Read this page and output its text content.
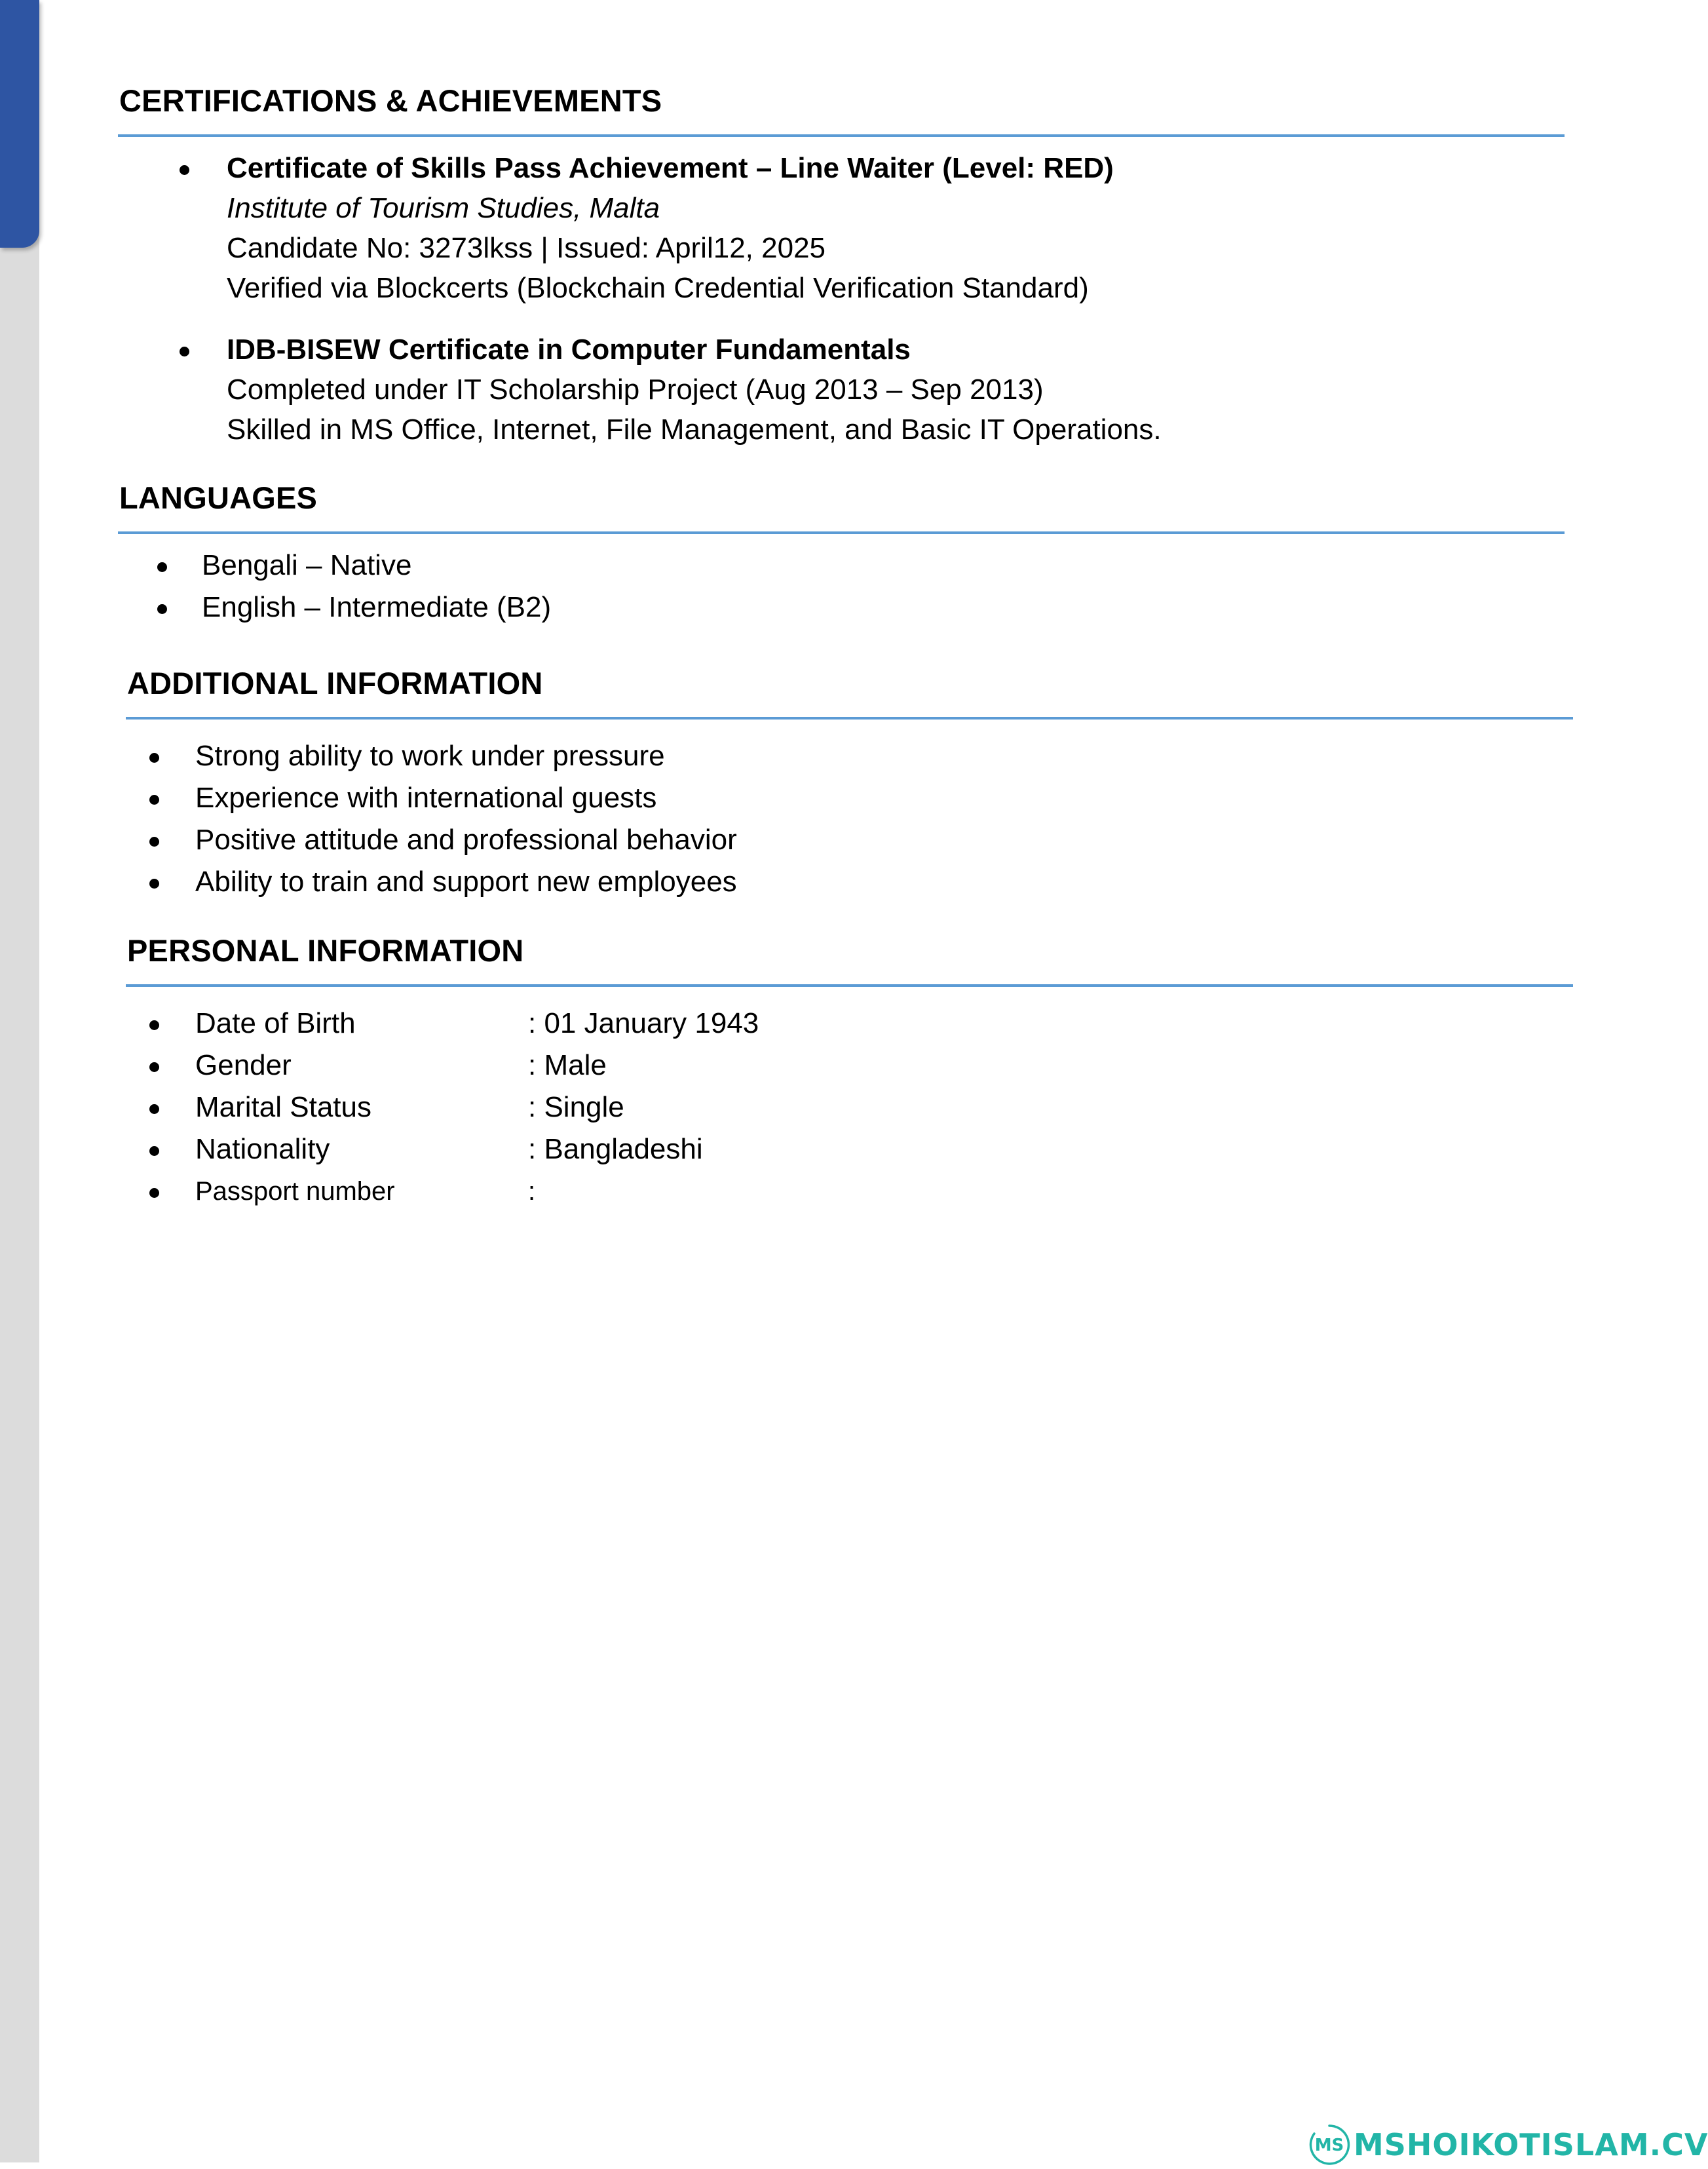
CERTIFICATIONS & ACHIEVEMENTS
Certificate of Skills Pass Achievement – Line Waiter (Level: RED)
Institute of Tourism Studies, Malta
Candidate No: 3273lkss | Issued: April12, 2025
Verified via Blockcerts (Blockchain Credential Verification Standard)
IDB-BISEW Certificate in Computer Fundamentals
Completed under IT Scholarship Project (Aug 2013 – Sep 2013)
Skilled in MS Office, Internet, File Management, and Basic IT Operations.
LANGUAGES
Bengali – Native
English – Intermediate (B2)
ADDITIONAL INFORMATION
Strong ability to work under pressure
Experience with international guests
Positive attitude and professional behavior
Ability to train and support new employees
PERSONAL INFORMATION
Date of Birth	: 01 January 1943
Gender	: Male
Marital Status	: Single
Nationality	: Bangladeshi
Passport number	:
MS MSHOIKOTISLAM.CV
